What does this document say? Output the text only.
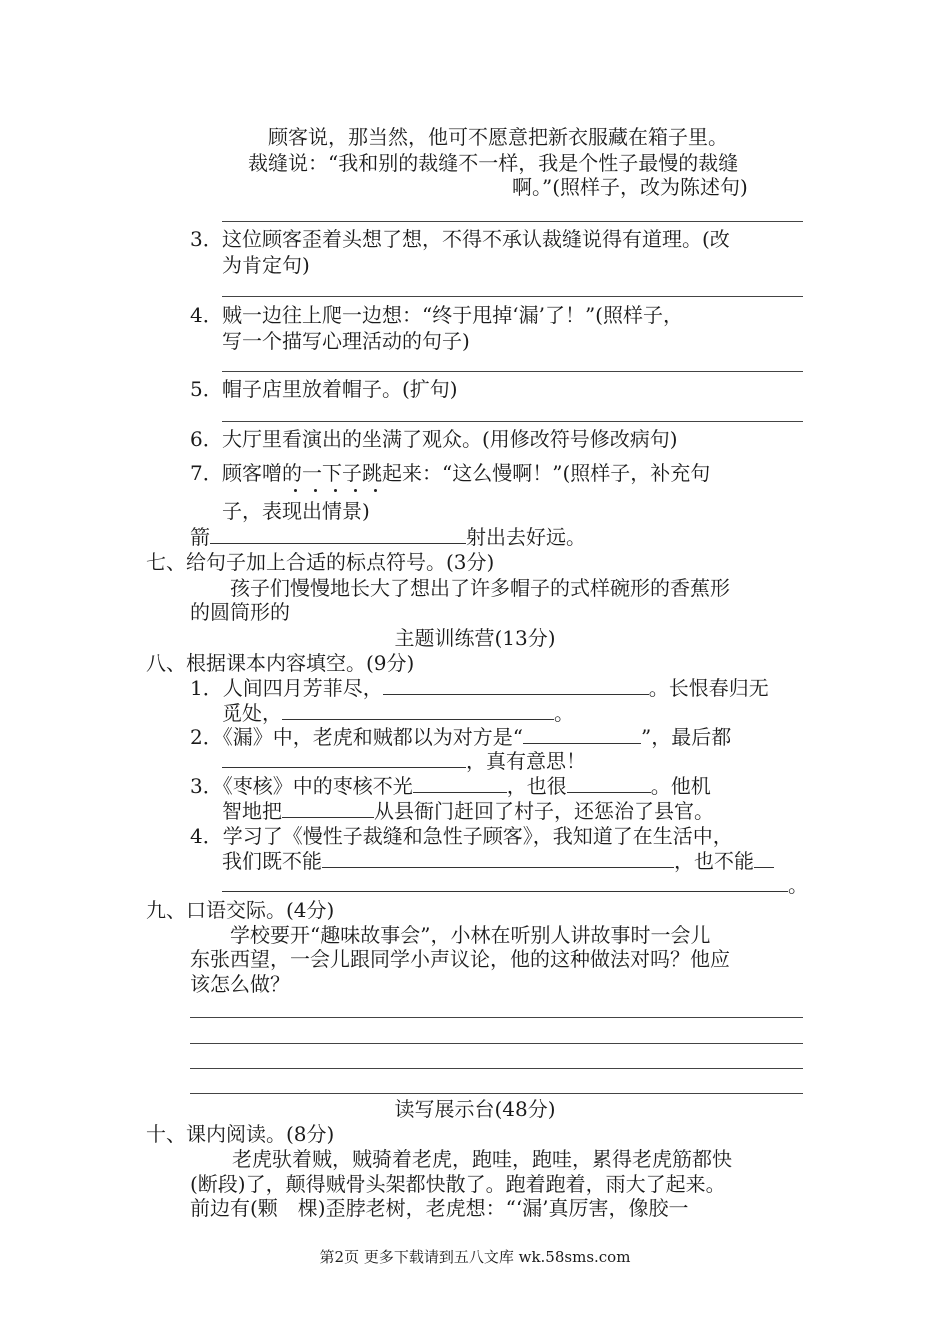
顾客说，那当然，他可不愿意把新衣服藏在箱子里。
裁缝说：“我和别的裁缝不一样，我是个性子最慢的裁缝
啊。”(照样子，改为陈述句)
3． 这位顾客歪着头想了想，不得不承认裁缝说得有道理。(改
为肯定句)
4． 贼一边往上爬一边想：“终于甩掉‘漏’了！”(照样子，
写一个描写心理活动的句子)
5． 帽子店里放着帽子。(扩句)
6． 大厅里看演出的坐满了观众。(用修改符号修改病句)
7． 顾客噌的一下子跳起来：“这么慢啊！”(照样子，补充句
子，表现出情景)
箭	射出去好远。
七、给句子加上合适的标点符号。(3分)
孩子们慢慢地长大了想出了许多帽子的式样碗形的香蕉形
的圆筒形的
主题训练营(13分)
八、根据课本内容填空。(9分)
1．人间四月芳菲尽，	。长恨春归无
觅处，	。
2．《漏》中，老虎和贼都以为对方是“	”，最后都
，真有意思！
3．《枣核》中的枣核不光	，也很	。他机
智地把	从县衙门赶回了村子，还惩治了县官。
4．学习了《慢性子裁缝和急性子顾客》，我知道了在生活中，
我们既不能	，也不能
。
九、口语交际。(4分)
学校要开“趣味故事会”，小林在听别人讲故事时一会儿
东张西望，一会儿跟同学小声议论，他的这种做法对吗？他应
该怎么做？
读写展示台(48分)
十、课内阅读。(8分)
老虎驮着贼，贼骑着老虎，跑哇，跑哇，累得老虎筋都快
(断段)了，颠得贼骨头架都快散了。跑着跑着，雨大了起来。
前边有(颗　棵)歪脖老树，老虎想：“‘漏’真厉害，像胶一
第2页 更多下载请到五八文库 wk.58sms.com
